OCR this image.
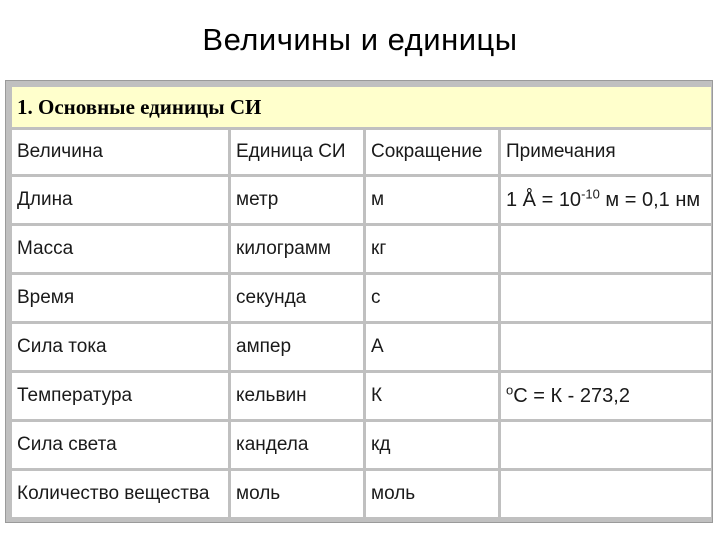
Величины и единицы
1. Основные единицы СИ			
Величина	Единица СИ	Сокращение	Примечания
Длина	метр	м	1 Å = $10^{-10}$ м = 0,1 нм
Масса	килограмм	кг	
Время	секунда	с	
Сила тока	ампер	А	
Температура	кельвин	К	$^o$С = К - 273,2
Сила света	кандела	кд	
Количество вещества	моль	моль	
